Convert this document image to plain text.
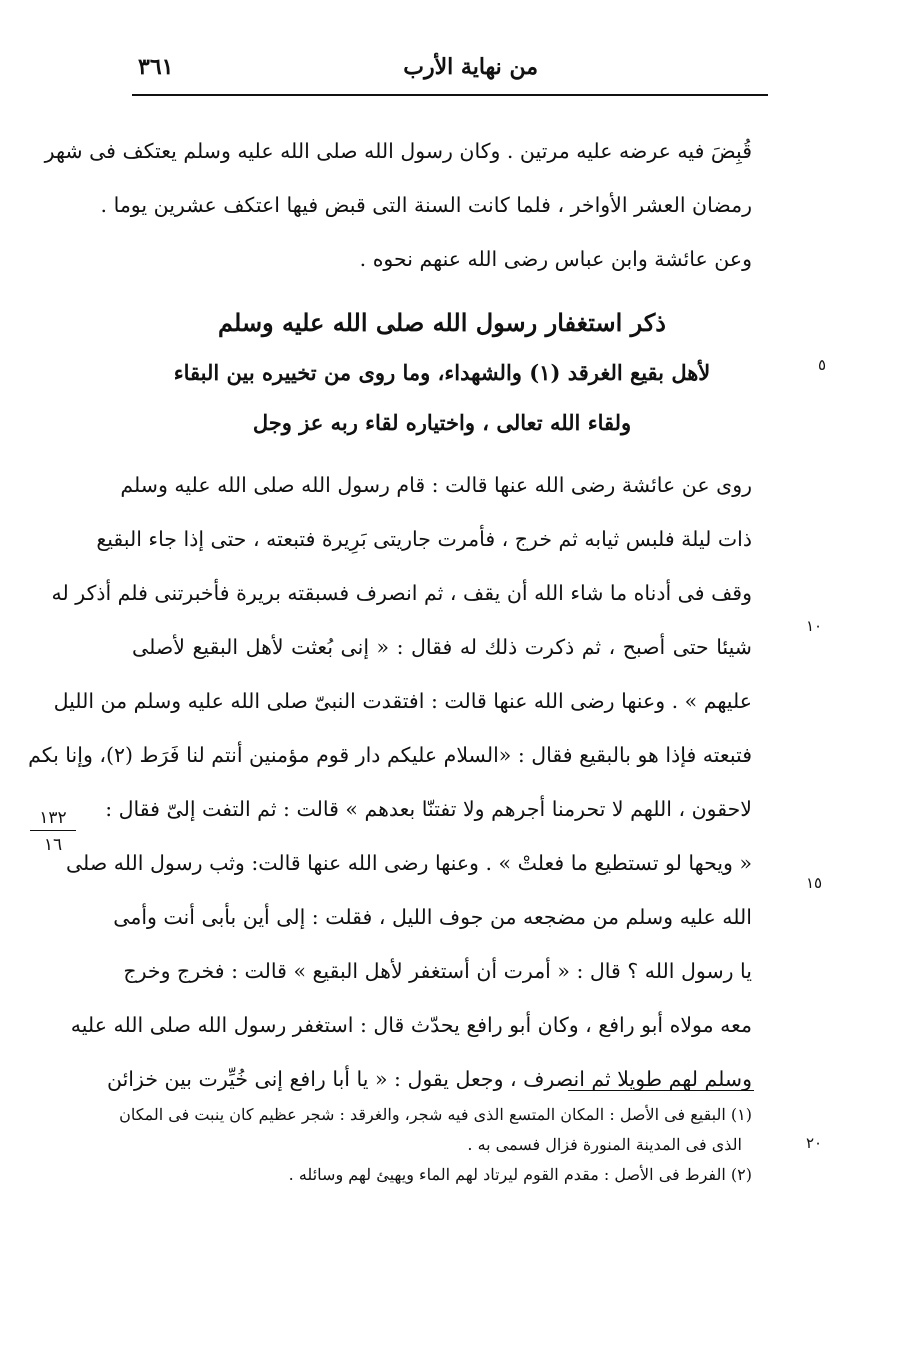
من نهاية الأرب
٣٦١
قُبِضَ فيه عرضه عليه مرتين . وكان رسول الله صلى الله عليه وسلم يعتكف فى شهر
رمضان العشر الأواخر ، فلما كانت السنة التى قبض فيها اعتكف عشرين يوما .
وعن عائشة وابن عباس رضى الله عنهم نحوه .
ذكر استغفار رسول الله صلى الله عليه وسلم
لأهل بقيع الغرقد (١) والشهداء، وما روى من تخييره بين البقاء
ولقاء الله تعالى ، واختياره لقاء ربه عز وجل
روى عن عائشة رضى الله عنها قالت : قام رسول الله صلى الله عليه وسلم
ذات ليلة فلبس ثيابه ثم خرج ، فأمرت جاريتى بَرِيرة فتبعته ، حتى إذا جاء البقيع
وقف فى أدناه ما شاء الله أن يقف ، ثم انصرف فسبقته بريرة فأخبرتنى فلم أذكر له
شيئا حتى أصبح ، ثم ذكرت ذلك له فقال : « إنى بُعثت لأهل البقيع لأصلى
عليهم » . وعنها رضى الله عنها قالت : افتقدت النبىّ صلى الله عليه وسلم من الليل
فتبعته فإذا هو بالبقيع فقال : «السلام عليكم دار قوم مؤمنين أنتم لنا فَرَط (٢)، وإنا بكم
لاحقون ، اللهم لا تحرمنا أجرهم ولا تفتنّا بعدهم » قالت : ثم التفت إلىّ فقال :
« ويحها لو تستطيع ما فعلتْ » . وعنها رضى الله عنها قالت: وثب رسول الله صلى
الله عليه وسلم من مضجعه من جوف الليل ، فقلت : إلى أين بأبى أنت وأمى
يا رسول الله ؟ قال : « أمرت أن أستغفر لأهل البقيع » قالت : فخرج وخرج
معه مولاه أبو رافع ، وكان أبو رافع يحدّث قال : استغفر رسول الله صلى الله عليه
وسلم لهم طويلا ثم انصرف ، وجعل يقول : « يا أبا رافع إنى خُيِّرت بين خزائن
٥
١٠
١٥
٢٠
١٣٢
١٦
(١) البقيع فى الأصل : المكان المتسع الذى فيه شجر، والغرقد : شجر عظيم كان ينبت فى المكان
الذى فى المدينة المنورة فزال فسمى به .
(٢) الفرط فى الأصل : مقدم القوم ليرتاد لهم الماء ويهيئ لهم وسائله .
